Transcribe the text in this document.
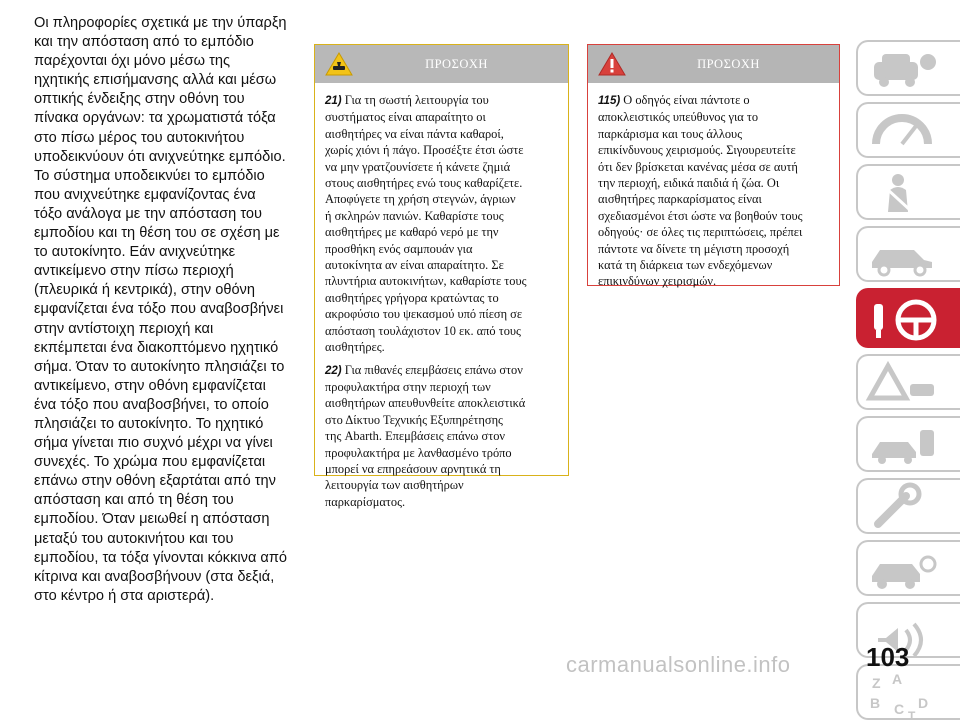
Οι πληροφορίες σχετικά με την ύπαρξη
και την απόσταση από το εμπόδιο
παρέχονται όχι μόνο μέσω της
ηχητικής επισήμανσης αλλά και μέσω
οπτικής ένδειξης στην οθόνη του
πίνακα οργάνων: τα χρωματιστά τόξα
στο πίσω μέρος του αυτοκινήτου
υποδεικνύουν ότι ανιχνεύτηκε εμπόδιο.
Το σύστημα υποδεικνύει το εμπόδιο
που ανιχνεύτηκε εμφανίζοντας ένα
τόξο ανάλογα με την απόσταση του
εμποδίου και τη θέση του σε σχέση με
το αυτοκίνητο. Εάν ανιχνεύτηκε
αντικείμενο στην πίσω περιοχή
(πλευρικά ή κεντρικά), στην οθόνη
εμφανίζεται ένα τόξο που αναβοσβήνει
στην αντίστοιχη περιοχή και
εκπέμπεται ένα διακοπτόμενο ηχητικό
σήμα. Όταν το αυτοκίνητο πλησιάζει το
αντικείμενο, στην οθόνη εμφανίζεται
ένα τόξο που αναβοσβήνει, το οποίο
πλησιάζει το αυτοκίνητο. Το ηχητικό
σήμα γίνεται πιο συχνό μέχρι να γίνει
συνεχές. Το χρώμα που εμφανίζεται
επάνω στην οθόνη εξαρτάται από την
απόσταση και από τη θέση του
εμποδίου. Όταν μειωθεί η απόσταση
μεταξύ του αυτοκινήτου και του
εμποδίου, τα τόξα γίνονται κόκκινα από
κίτρινα και αναβοσβήνουν (στα δεξιά,
στο κέντρο ή στα αριστερά).

ΠΡΟΣΟΧΗ

21) Για τη σωστή λειτουργία του
συστήματος είναι απαραίτητο οι
αισθητήρες να είναι πάντα καθαροί,
χωρίς χιόνι ή πάγο. Προσέξτε έτσι ώστε
να μην γρατζουνίσετε ή κάνετε ζημιά
στους αισθητήρες ενώ τους καθαρίζετε.
Αποφύγετε τη χρήση στεγνών, άγριων
ή σκληρών πανιών. Καθαρίστε τους
αισθητήρες με καθαρό νερό με την
προσθήκη ενός σαμπουάν για
αυτοκίνητα αν είναι απαραίτητο. Σε
πλυντήρια αυτοκινήτων, καθαρίστε τους
αισθητήρες γρήγορα κρατώντας το
ακροφύσιο του ψεκασμού υπό πίεση σε
απόσταση τουλάχιστον 10 εκ. από τους
αισθητήρες.

22) Για πιθανές επεμβάσεις επάνω στον
προφυλακτήρα στην περιοχή των
αισθητήρων απευθυνθείτε αποκλειστικά
στο Δίκτυο Τεχνικής Εξυπηρέτησης
της Abarth. Επεμβάσεις επάνω στον
προφυλακτήρα με λανθασμένο τρόπο
μπορεί να επηρεάσουν αρνητικά τη
λειτουργία των αισθητήρων
παρκαρίσματος.

ΠΡΟΣΟΧΗ

115) Ο οδηγός είναι πάντοτε ο
αποκλειστικός υπεύθυνος για το
παρκάρισμα και τους άλλους
επικίνδυνους χειρισμούς. Σιγουρευτείτε
ότι δεν βρίσκεται κανένας μέσα σε αυτή
την περιοχή, ειδικά παιδιά ή ζώα. Οι
αισθητήρες παρκαρίσματος είναι
σχεδιασμένοι έτσι ώστε να βοηθούν τους
οδηγούς· σε όλες τις περιπτώσεις, πρέπει
πάντοτε να δίνετε τη μέγιστη προσοχή
κατά τη διάρκεια των ενδεχόμενων
επικινδύνων χειρισμών.

Z A
B C D
T
103
carmanualsonline.info
